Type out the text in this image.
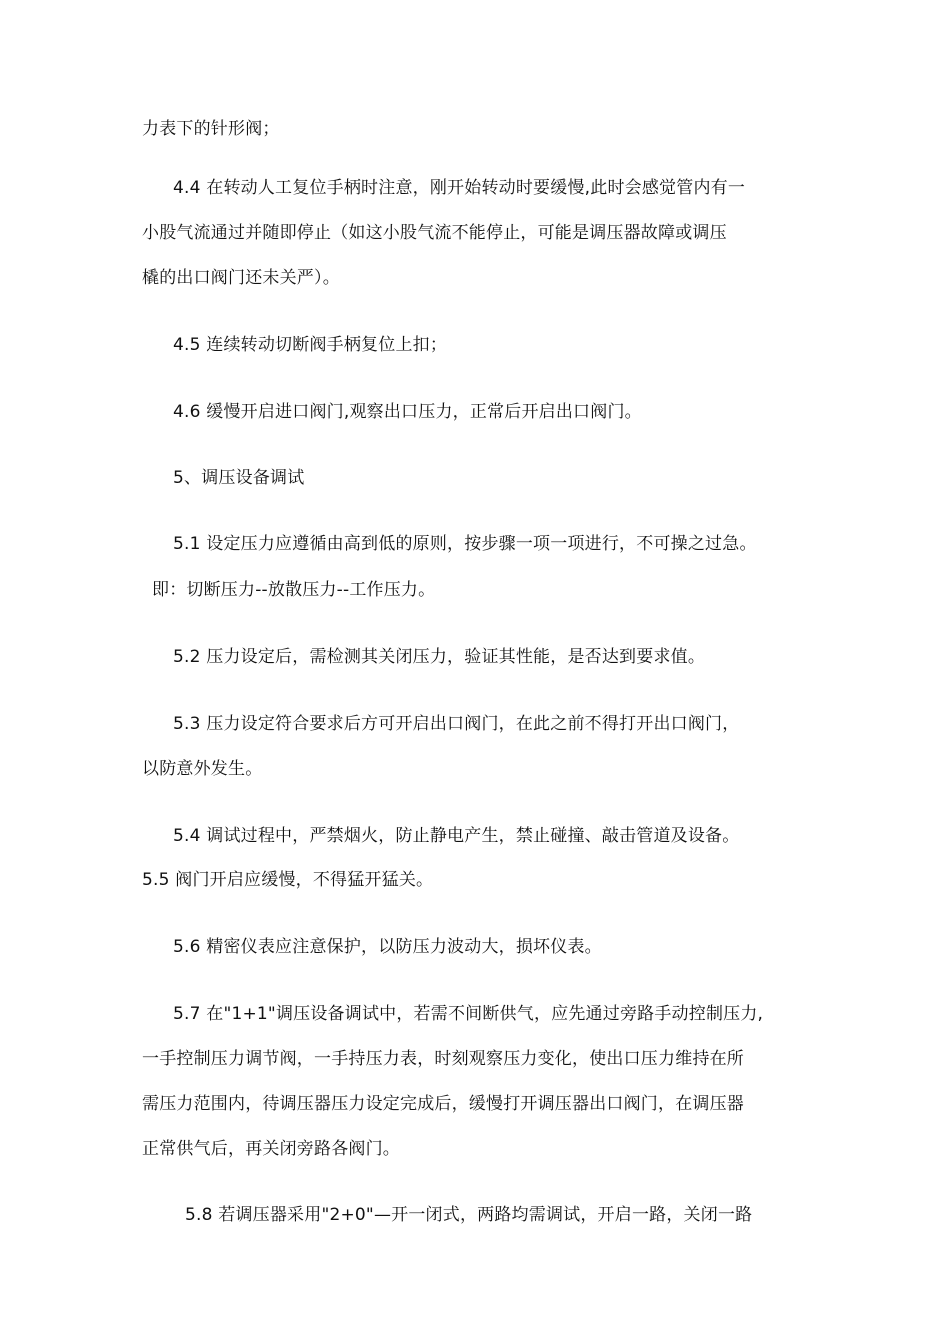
力表下的针形阀；
4.4 在转动人工复位手柄时注意，刚开始转动时要缓慢,此时会感觉管内有一
小股气流通过并随即停止（如这小股气流不能停止，可能是调压器故障或调压
橇的出口阀门还未关严）。
4.5 连续转动切断阀手柄复位上扣；
4.6 缓慢开启进口阀门,观察出口压力，正常后开启出口阀门。
5、调压设备调试
5.1 设定压力应遵循由高到低的原则，按步骤一项一项进行，不可操之过急。
即：切断压力--放散压力--工作压力。
5.2 压力设定后，需检测其关闭压力，验证其性能，是否达到要求值。
5.3 压力设定符合要求后方可开启出口阀门，在此之前不得打开出口阀门，
以防意外发生。
5.4 调试过程中，严禁烟火，防止静电产生，禁止碰撞、敲击管道及设备。
5.5 阀门开启应缓慢，不得猛开猛关。
5.6 精密仪表应注意保护，以防压力波动大，损坏仪表。
5.7 在"1+1"调压设备调试中，若需不间断供气，应先通过旁路手动控制压力,
一手控制压力调节阀，一手持压力表，时刻观察压力变化，使出口压力维持在所
需压力范围内，待调压器压力设定完成后，缓慢打开调压器出口阀门，在调压器
正常供气后，再关闭旁路各阀门。
5.8 若调压器采用"2+0"—开一闭式，两路均需调试，开启一路，关闭一路
